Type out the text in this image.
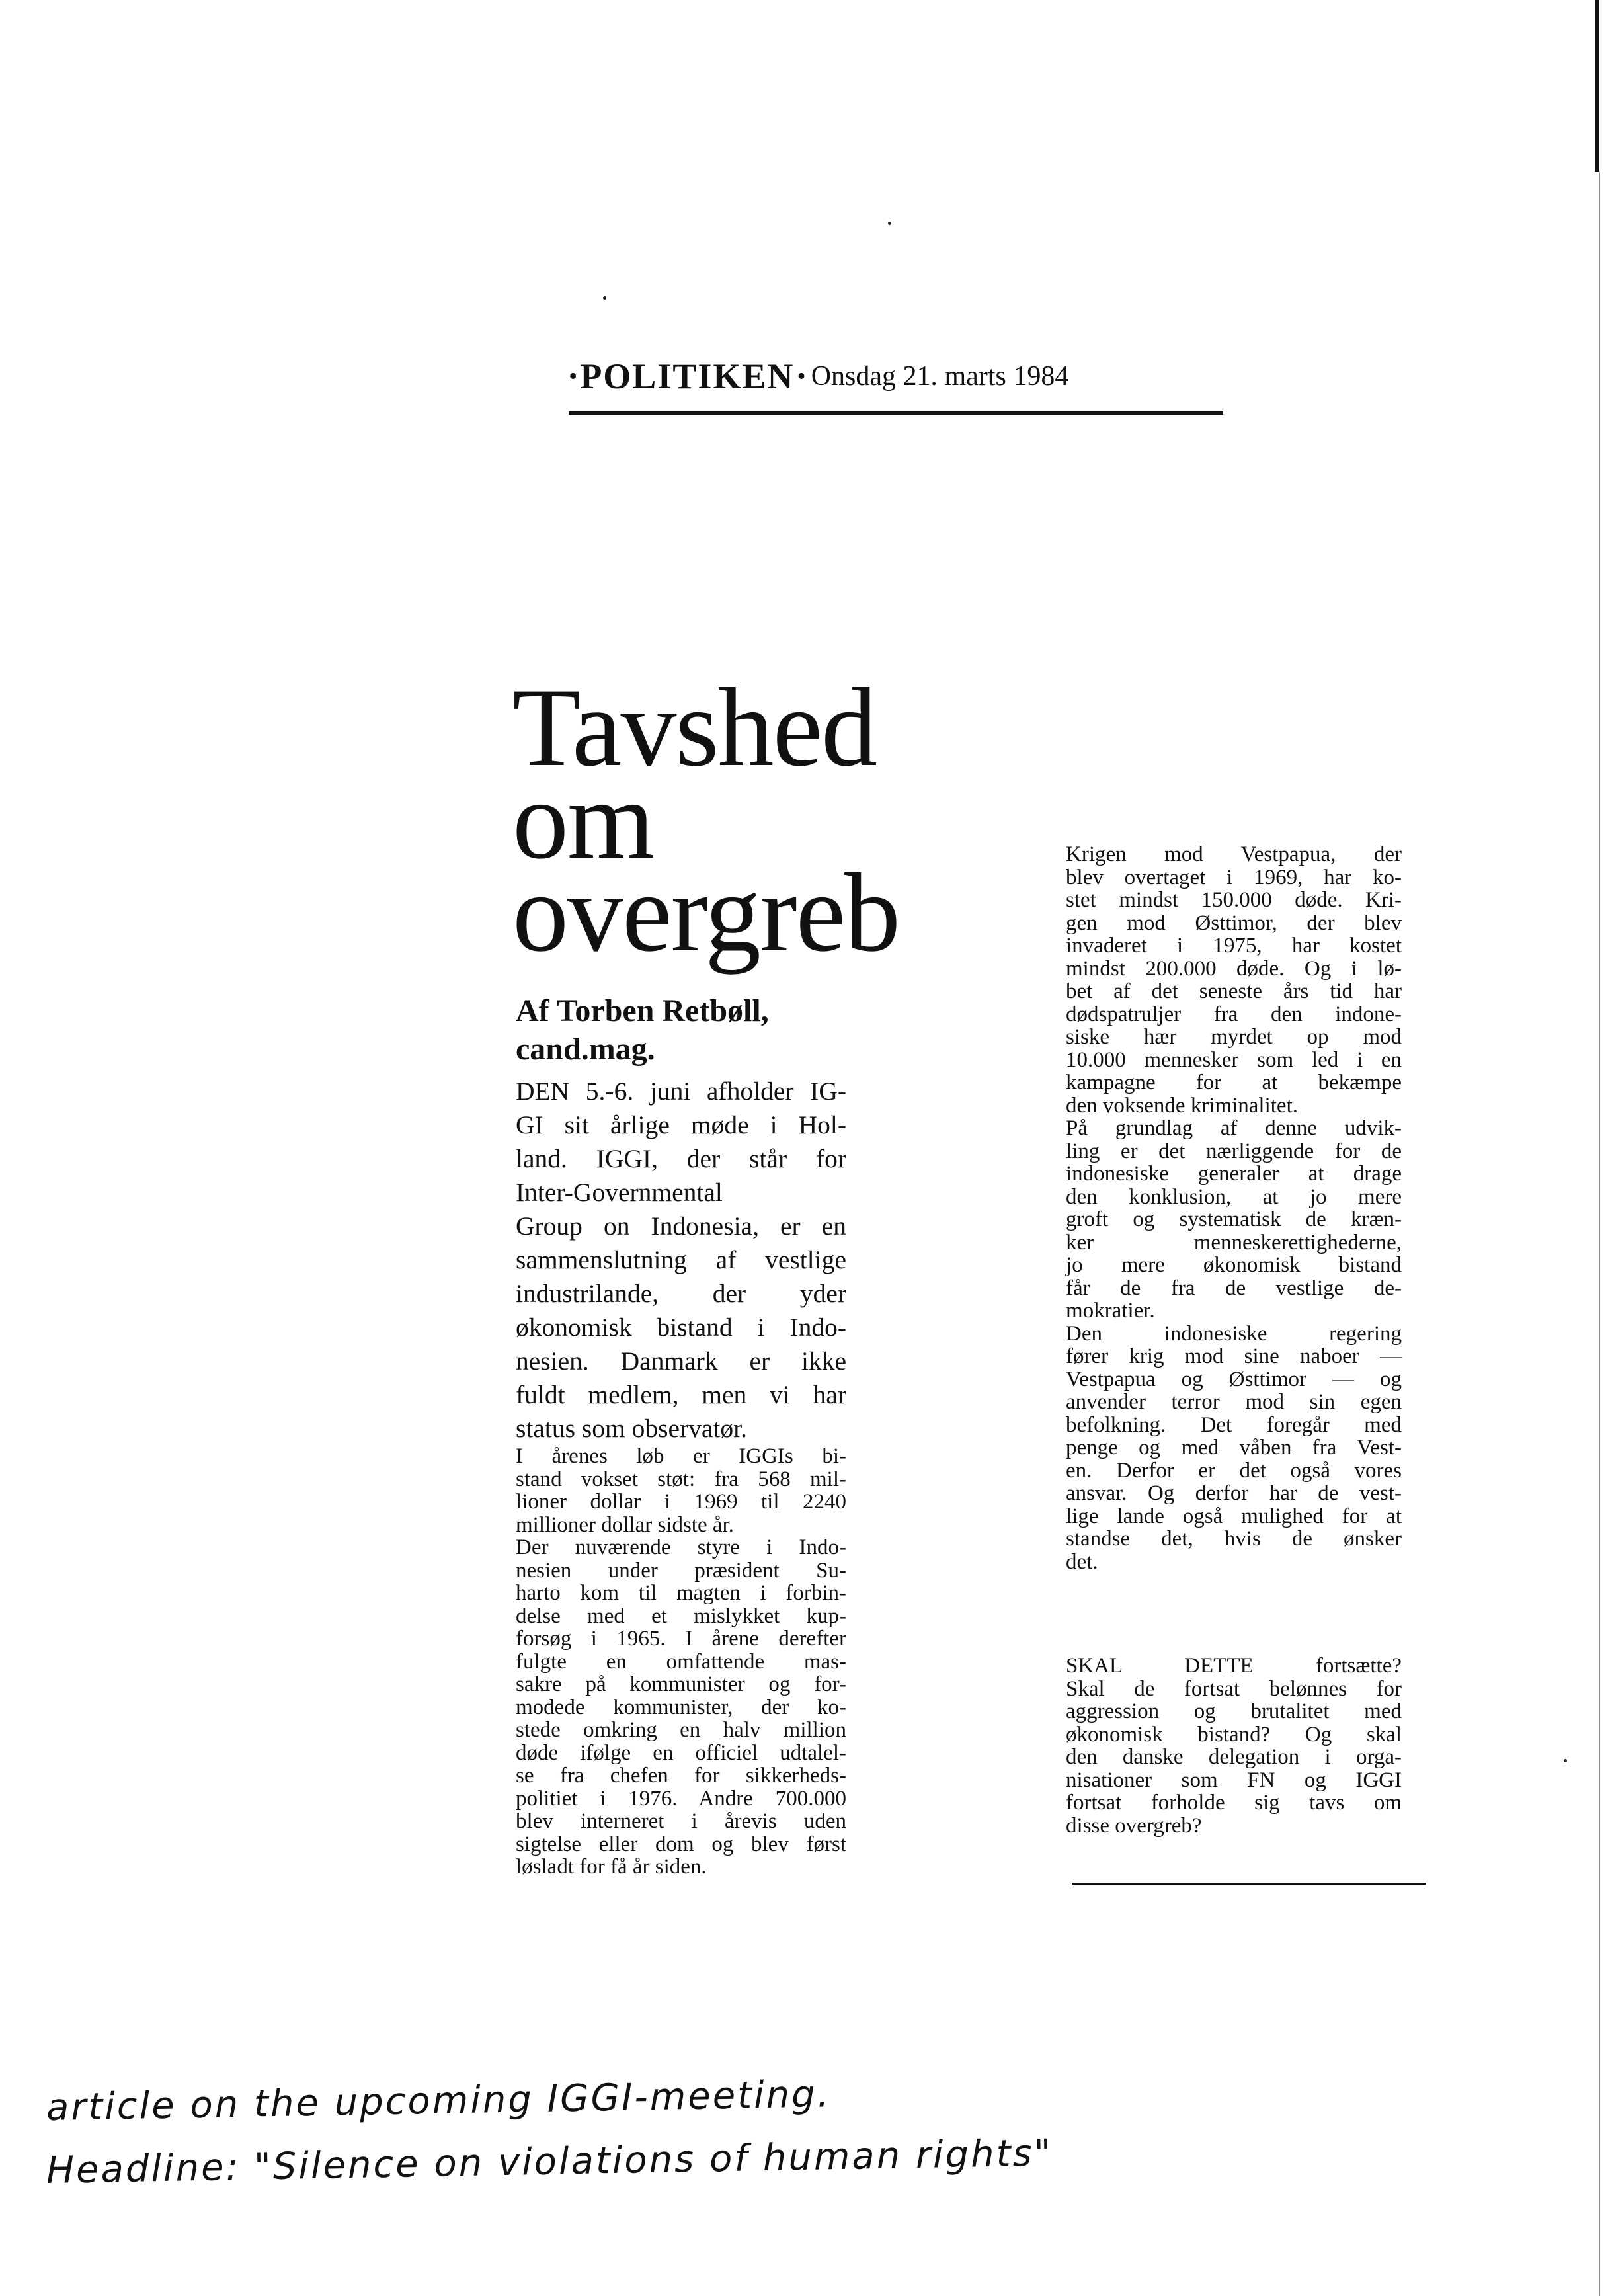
• POLITIKEN • Onsdag 21. marts 1984
Tavshed
om
overgreb
Af Torben Retbøll,
cand.mag.
DEN 5.-6. juni afholder IG-
GI sit årlige møde i Hol-
land. IGGI, der står for
Inter-Governmental
Group on Indonesia, er en
sammenslutning af vestlige
industrilande, der yder
økonomisk bistand i Indo-
nesien. Danmark er ikke
fuldt medlem, men vi har
status som observatør.
I årenes løb er IGGIs bi-
stand vokset støt: fra 568 mil-
lioner dollar i 1969 til 2240
millioner dollar sidste år.
Der nuværende styre i Indo-
nesien under præsident Su-
harto kom til magten i forbin-
delse med et mislykket kup-
forsøg i 1965. I årene derefter
fulgte en omfattende mas-
sakre på kommunister og for-
modede kommunister, der ko-
stede omkring en halv million
døde ifølge en officiel udtalel-
se fra chefen for sikkerheds-
politiet i 1976. Andre 700.000
blev interneret i årevis uden
sigtelse eller dom og blev først
løsladt for få år siden.
Krigen mod Vestpapua, der
blev overtaget i 1969, har ko-
stet mindst 150.000 døde. Kri-
gen mod Østtimor, der blev
invaderet i 1975, har kostet
mindst 200.000 døde. Og i lø-
bet af det seneste års tid har
dødspatruljer fra den indone-
siske hær myrdet op mod
10.000 mennesker som led i en
kampagne for at bekæmpe
den voksende kriminalitet.
På grundlag af denne udvik-
ling er det nærliggende for de
indonesiske generaler at drage
den konklusion, at jo mere
groft og systematisk de kræn-
ker menneskerettighederne,
jo mere økonomisk bistand
får de fra de vestlige de-
mokratier.
Den indonesiske regering
fører krig mod sine naboer —
Vestpapua og Østtimor — og
anvender terror mod sin egen
befolkning. Det foregår med
penge og med våben fra Vest-
en. Derfor er det også vores
ansvar. Og derfor har de vest-
lige lande også mulighed for at
standse det, hvis de ønsker
det.
SKAL DETTE fortsætte?
Skal de fortsat belønnes for
aggression og brutalitet med
økonomisk bistand? Og skal
den danske delegation i orga-
nisationer som FN og IGGI
fortsat forholde sig tavs om
disse overgreb?
article on the upcoming IGGI-meeting.
Headline: "Silence on violations of human rights"
